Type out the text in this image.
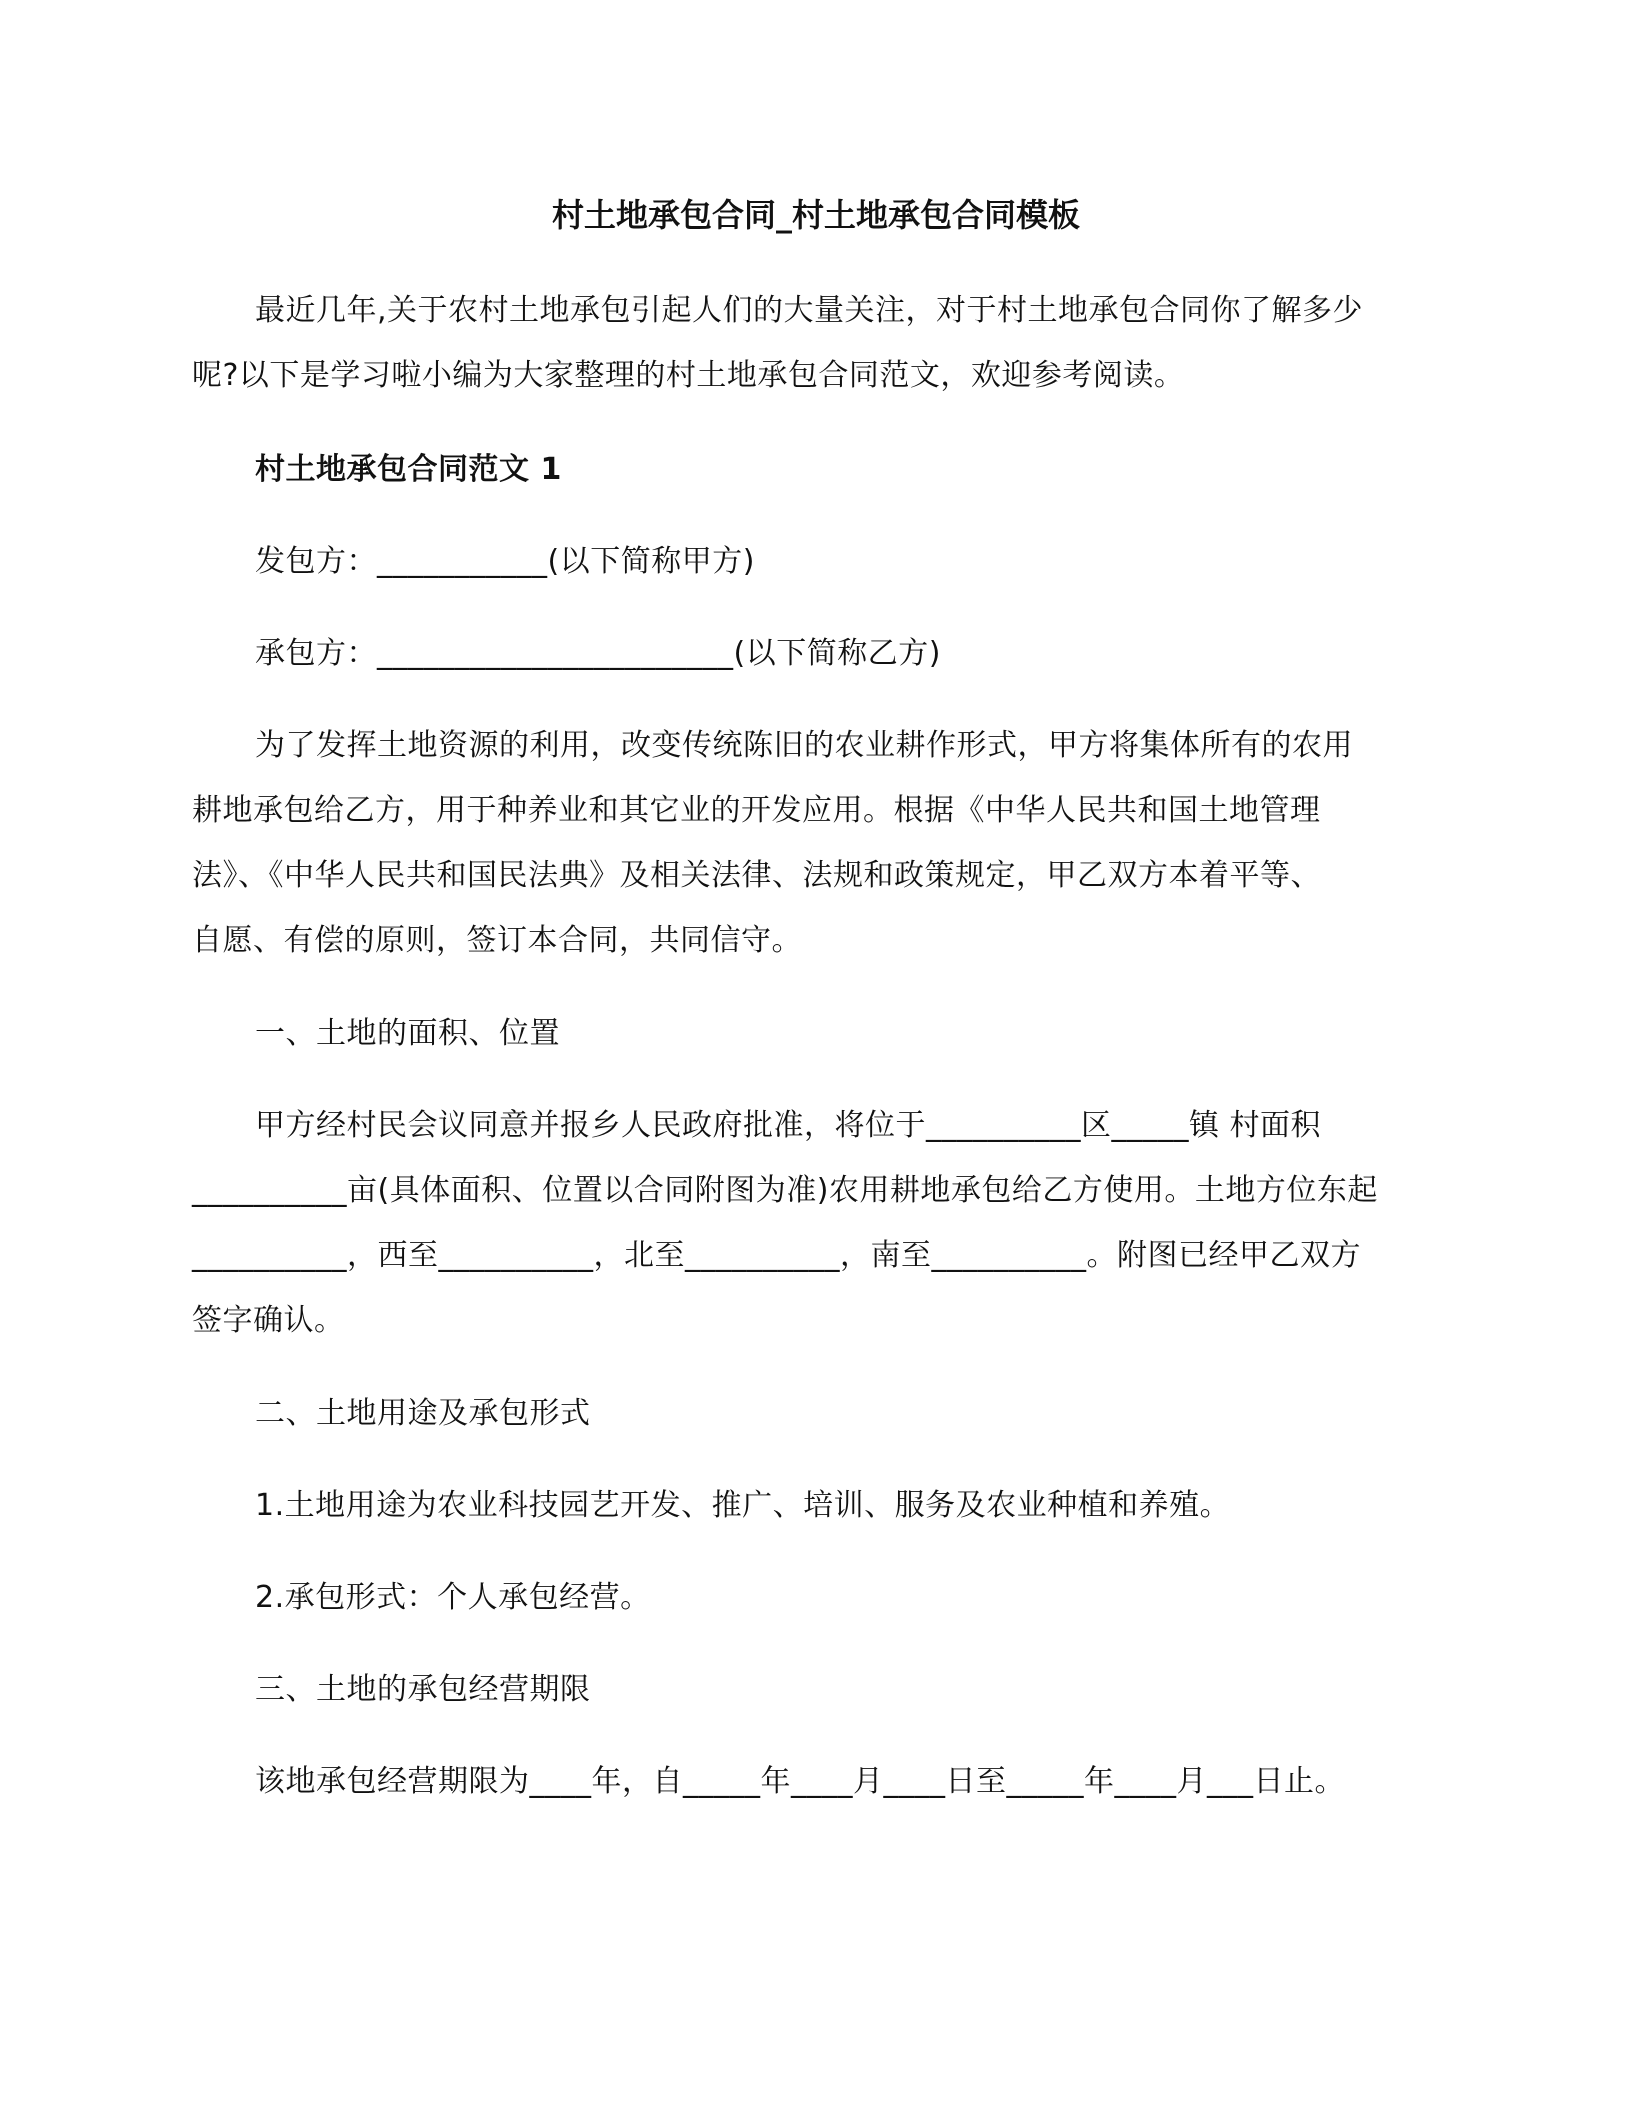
村土地承包合同_村土地承包合同模板
最近几年,关于农村土地承包引起人们的大量关注，对于村土地承包合同你了解多少
呢?以下是学习啦小编为大家整理的村土地承包合同范文，欢迎参考阅读。
村土地承包合同范文 1
发包方：___________(以下简称甲方)
承包方：_______________________(以下简称乙方)
为了发挥土地资源的利用，改变传统陈旧的农业耕作形式，甲方将集体所有的农用
耕地承包给乙方，用于种养业和其它业的开发应用。根据《中华人民共和国土地管理
法》、《中华人民共和国民法典》及相关法律、法规和政策规定，甲乙双方本着平等、
自愿、有偿的原则，签订本合同，共同信守。
一、土地的面积、位置
甲方经村民会议同意并报乡人民政府批准，将位于__________区_____镇 村面积
__________亩(具体面积、位置以合同附图为准)农用耕地承包给乙方使用。土地方位东起
__________，西至__________，北至__________，南至__________。附图已经甲乙双方
签字确认。
二、土地用途及承包形式
1.土地用途为农业科技园艺开发、推广、培训、服务及农业种植和养殖。
2.承包形式：个人承包经营。
三、土地的承包经营期限
该地承包经营期限为____年，自_____年____月____日至_____年____月___日止。
